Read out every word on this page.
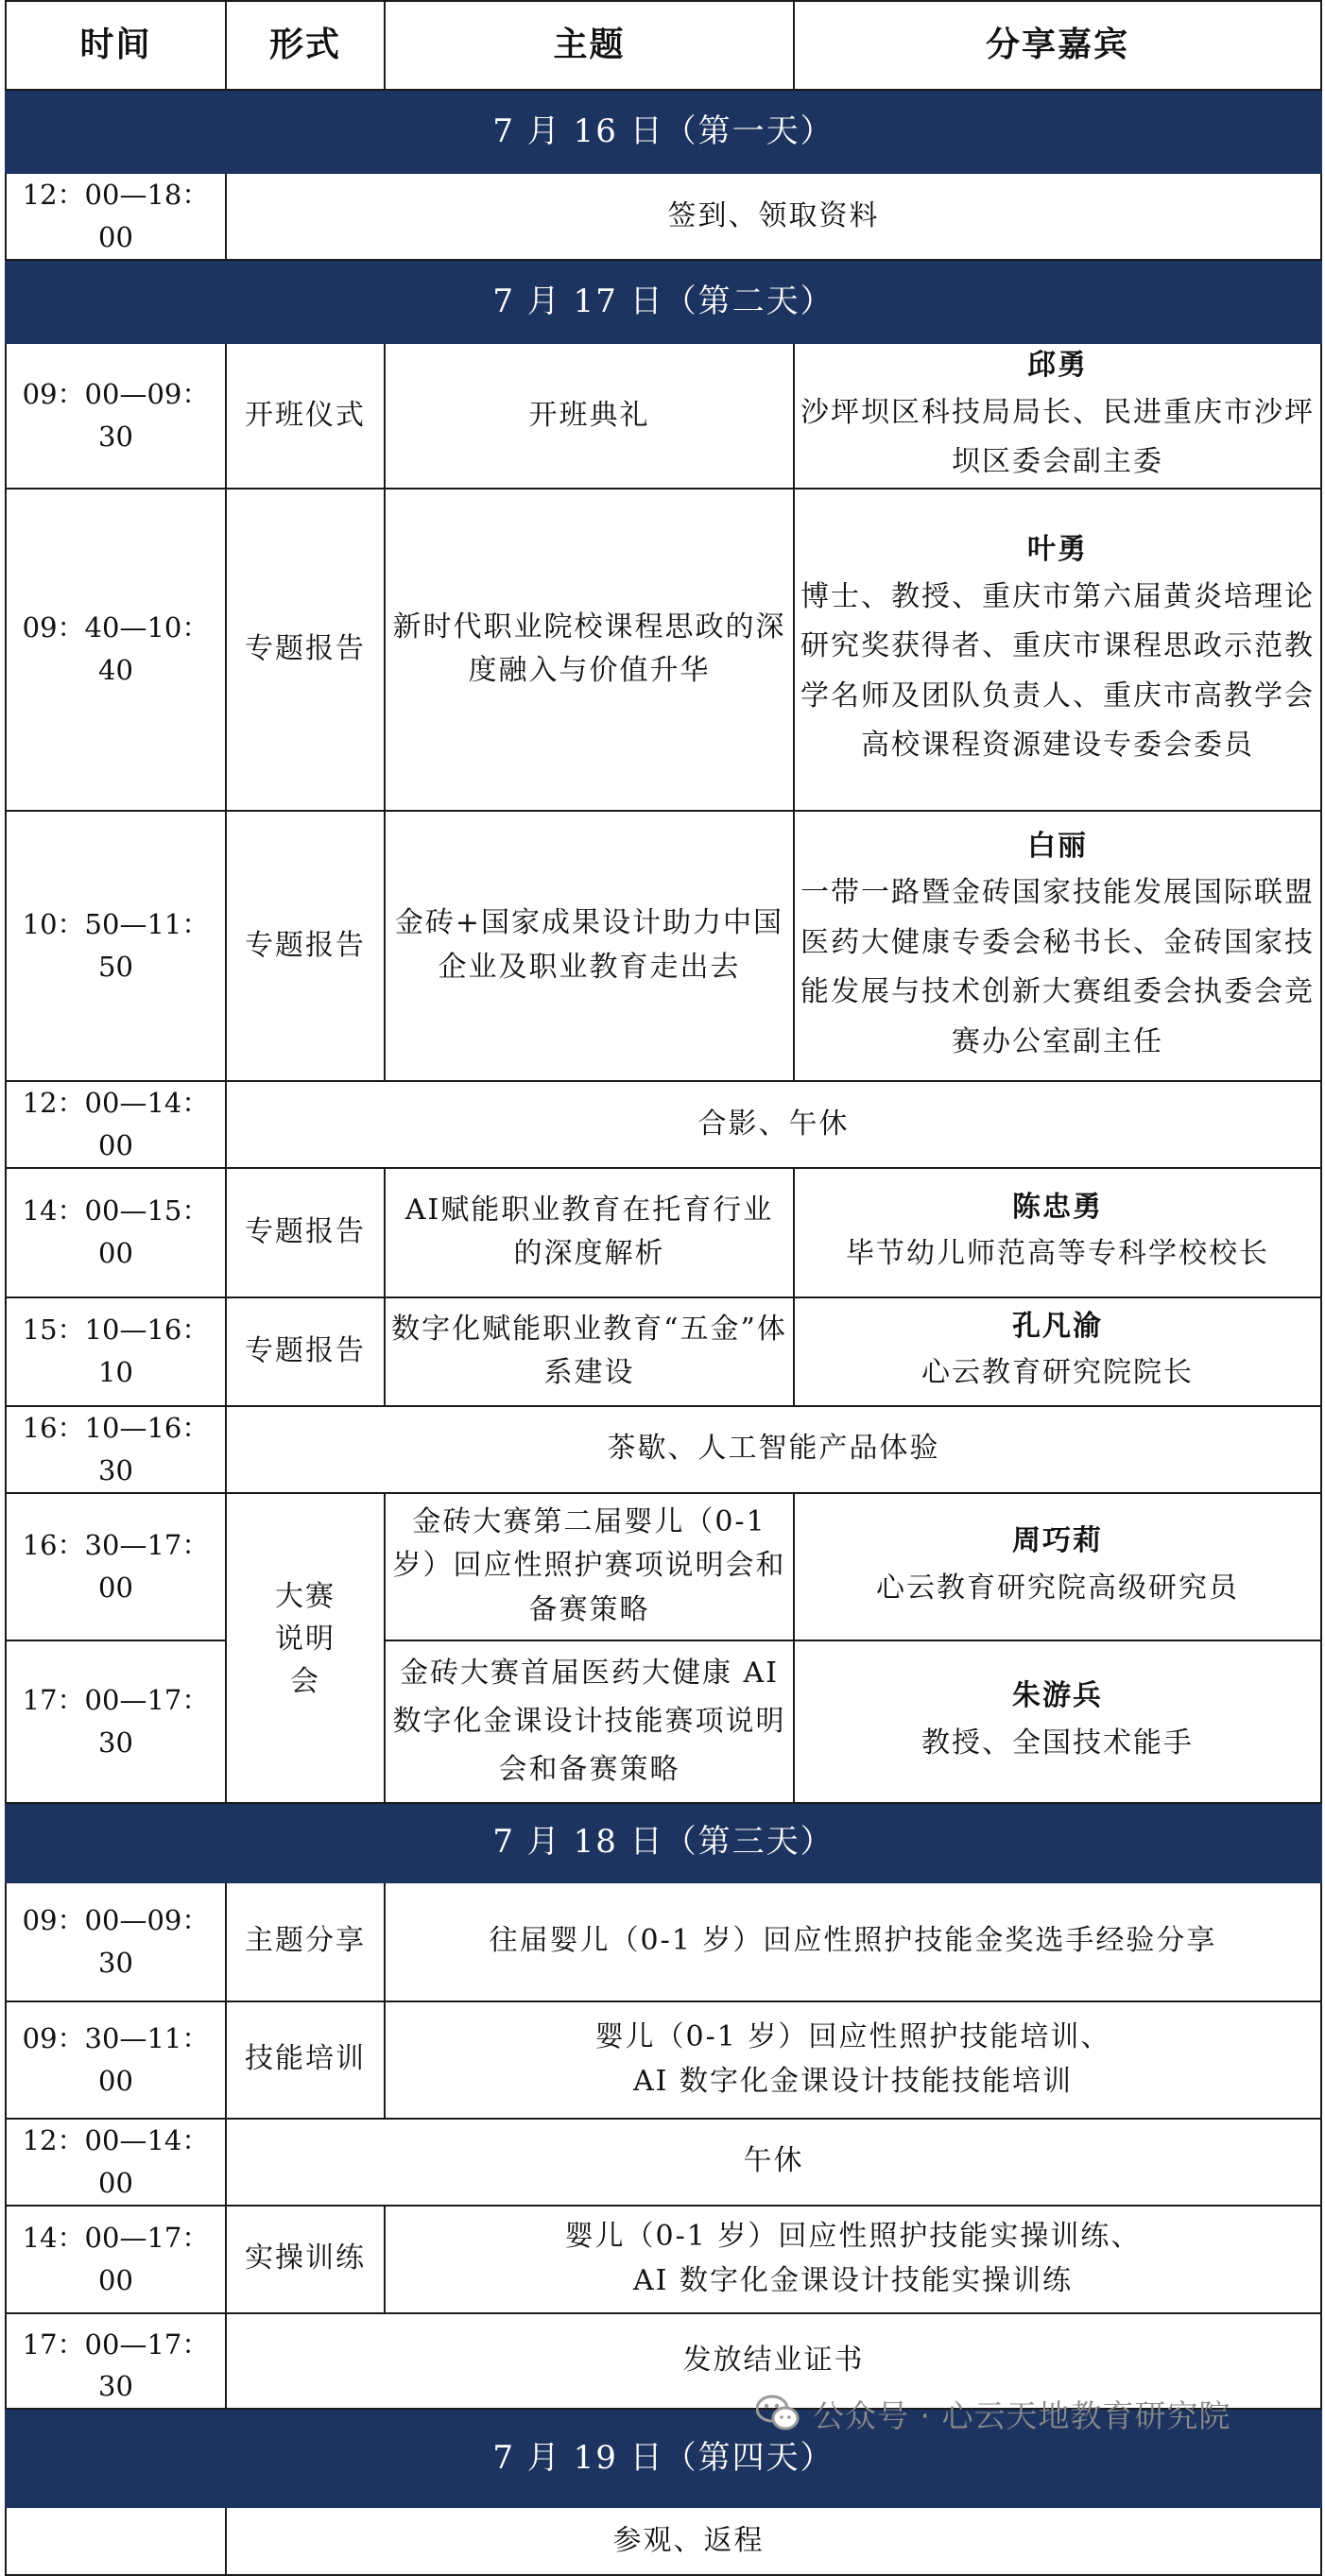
时间	形式	主题	分享嘉宾
7 月 16 日（第一天）			
12：00—18：00	签到、领取资料		
7 月 17 日（第二天）			
09：00—09：30	开班仪式	开班典礼	邱勇
沙坪坝区科技局局长、民进重庆市沙坪坝区委会副主委

09：40—10：40	专题报告	新时代职业院校课程思政的深度融入与价值升华	叶勇
博士、教授、重庆市第六届黄炎培理论研究奖获得者、重庆市课程思政示范教学名师及团队负责人、重庆市高教学会高校课程资源建设专委会委员

10：50—11：50	专题报告	金砖+国家成果设计助力中国企业及职业教育走出去	白丽
一带一路暨金砖国家技能发展国际联盟医药大健康专委会秘书长、金砖国家技能发展与技术创新大赛组委会执委会竞赛办公室副主任

12：00—14：00	合影、午休		
14：00—15：00	专题报告	AI赋能职业教育在托育行业的深度解析	陈忠勇
毕节幼儿师范高等专科学校校长

15：10—16：10	专题报告	数字化赋能职业教育“五金”体系建设	孔凡渝
心云教育研究院院长

16：10—16：30	茶歇、人工智能产品体验		
16：30—17：00	大赛说明会	金砖大赛第二届婴儿（0-1 岁）回应性照护赛项说明会和备赛策略	周巧莉
心云教育研究院高级研究员

17：00—17：30		金砖大赛首届医药大健康 AI 数字化金课设计技能赛项说明会和备赛策略	朱游兵
教授、全国技术能手

7 月 18 日（第三天）			
09：00—09：30	主题分享	往届婴儿（0-1 岁）回应性照护技能金奖选手经验分享	
09：30—11：00	技能培训	婴儿（0-1 岁）回应性照护技能培训、
AI 数字化金课设计技能技能培训	

12：00—14：00	午休		
14：00—17：00	实操训练	婴儿（0-1 岁）回应性照护技能实操训练、
AI 数字化金课设计技能实操训练	

17：00—17：30	发放结业证书		
7 月 19 日（第四天）			
	参观、返程		
公众号 · 心云天地教育研究院
